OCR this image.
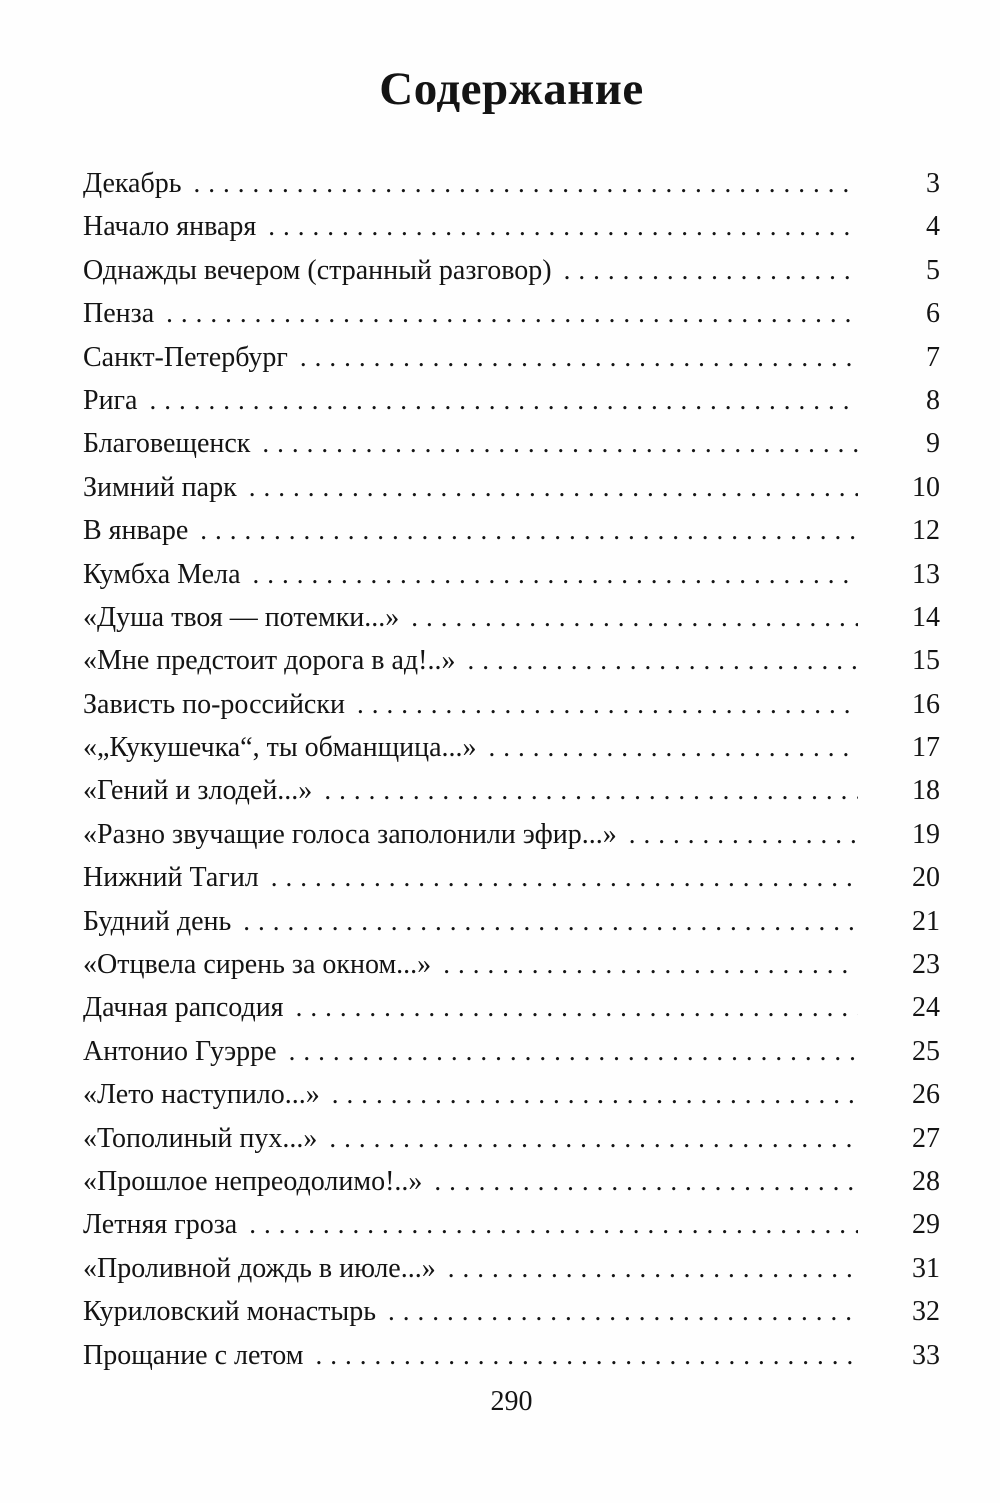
Содержание
Декабрь .....	3
Начало января .....	4
Однажды вечером (странный разговор) .....	5
Пенза .....	6
Санкт-Петербург .....	7
Рига .....	8
Благовещенск .....	9
Зимний парк .....	10
В январе .....	12
Кумбха Мела .....	13
«Душа твоя — потемки...» .....	14
«Мне предстоит дорога в ад!..» .....	15
Зависть по-российски .....	16
«„Кукушечка“, ты обманщица...» .....	17
«Гений и злодей...» .....	18
«Разно звучащие голоса заполонили эфир...» .....	19
Нижний Тагил .....	20
Будний день .....	21
«Отцвела сирень за окном...» .....	23
Дачная рапсодия .....	24
Антонио Гуэрре .....	25
«Лето наступило...» .....	26
«Тополиный пух...» .....	27
«Прошлое непреодолимо!..» .....	28
Летняя гроза .....	29
«Проливной дождь в июле...» .....	31
Куриловский монастырь .....	32
Прощание с летом .....	33
290
